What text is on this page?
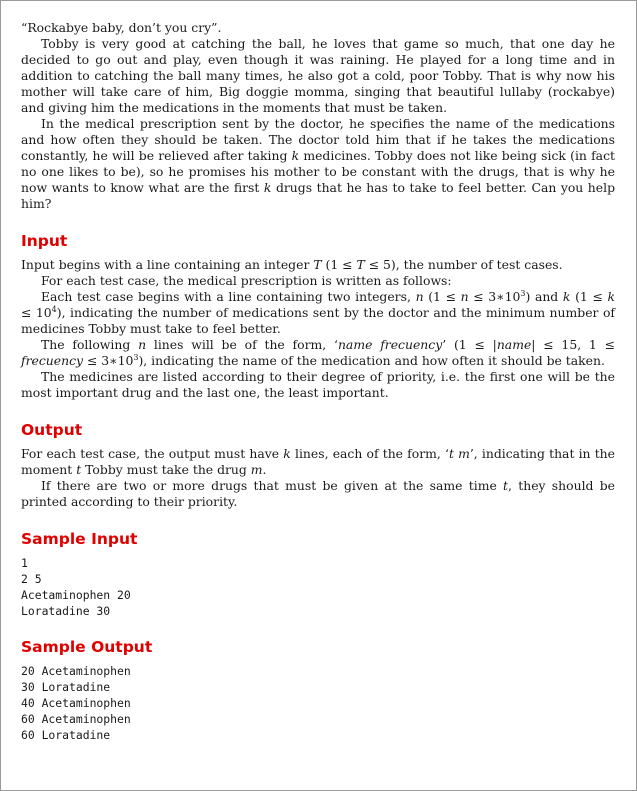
“Rockabye baby, don’t you cry”.

Tobby is very good at catching the ball, he loves that game so much, that one day he decided to go out and play, even though it was raining. He played for a long time and in addition to catching the ball many times, he also got a cold, poor Tobby. That is why now his mother will take care of him, Big doggie momma, singing that beautiful lullaby (rockabye) and giving him the medications in the moments that must be taken.

In the medical prescription sent by the doctor, he specifies the name of the medications and how often they should be taken. The doctor told him that if he takes the medications constantly, he will be relieved after taking k medicines. Tobby does not like being sick (in fact no one likes to be), so he promises his mother to be constant with the drugs, that is why he now wants to know what are the first k drugs that he has to take to feel better. Can you help him?

Input

Input begins with a line containing an integer T (1 ≤ T ≤ 5), the number of test cases.

For each test case, the medical prescription is written as follows:

Each test case begins with a line containing two integers, n $(1 \le n \le 3∗10^3)$ and k $(1 \le k \le 10^4)$, indicating the number of medications sent by the doctor and the minimum number of medicines Tobby must take to feel better.

The following n lines will be of the form, ‘name frecuency’ (1 ≤ |name| ≤ 15, 1 ≤ frecuency ≤ $3∗10^3$), indicating the name of the medication and how often it should be taken.

The medicines are listed according to their degree of priority, i.e. the first one will be the most important drug and the last one, the least important.

Output

For each test case, the output must have k lines, each of the form, ‘t m’, indicating that in the moment t Tobby must take the drug m.

If there are two or more drugs that must be given at the same time t, they should be printed according to their priority.

Sample Input
1
2 5
Acetaminophen 20
Loratadine 30
Sample Output
20 Acetaminophen
30 Loratadine
40 Acetaminophen
60 Acetaminophen
60 Loratadine
